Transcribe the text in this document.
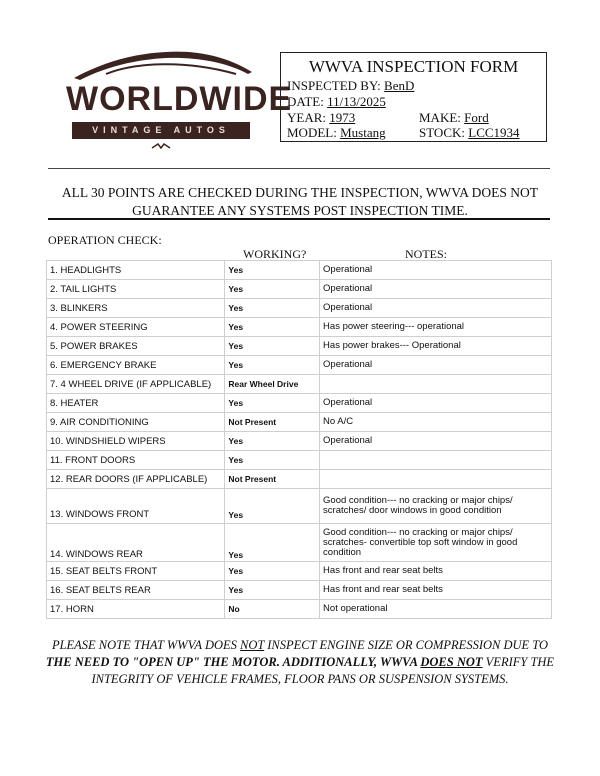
WORLDWIDE
VINTAGE AUTOS
WWVA INSPECTION FORM
INSPECTED BY: BenD
DATE: 11/13/2025
YEAR: 1973	MAKE: Ford
MODEL: Mustang	STOCK: LCC1934
ALL 30 POINTS ARE CHECKED DURING THE INSPECTION, WWVA DOES NOT
GUARANTEE ANY SYSTEMS POST INSPECTION TIME.
OPERATION CHECK:
WORKING?	NOTES:
1. HEADLIGHTS	Yes	Operational
2. TAIL LIGHTS	Yes	Operational
3. BLINKERS	Yes	Operational
4. POWER STEERING	Yes	Has power steering--- operational
5. POWER BRAKES	Yes	Has power brakes--- Operational
6. EMERGENCY BRAKE	Yes	Operational
7. 4 WHEEL DRIVE (IF APPLICABLE)	Rear Wheel Drive	
8. HEATER	Yes	Operational
9. AIR CONDITIONING	Not Present	No A/C
10. WINDSHIELD WIPERS	Yes	Operational
11. FRONT DOORS	Yes	
12. REAR DOORS (IF APPLICABLE)	Not Present	
13. WINDOWS FRONT	Yes	Good condition--- no cracking or major chips/ scratches/ door windows in good condition
14. WINDOWS REAR	Yes	Good condition--- no cracking or major chips/ scratches- convertible top soft window in good condition
15. SEAT BELTS FRONT	Yes	Has front and rear seat belts
16. SEAT BELTS REAR	Yes	Has front and rear seat belts
17. HORN	No	Not operational
PLEASE NOTE THAT WWVA DOES NOT INSPECT ENGINE SIZE OR COMPRESSION DUE TO
THE NEED TO "OPEN UP" THE MOTOR. ADDITIONALLY, WWVA DOES NOT VERIFY THE
INTEGRITY OF VEHICLE FRAMES, FLOOR PANS OR SUSPENSION SYSTEMS.
